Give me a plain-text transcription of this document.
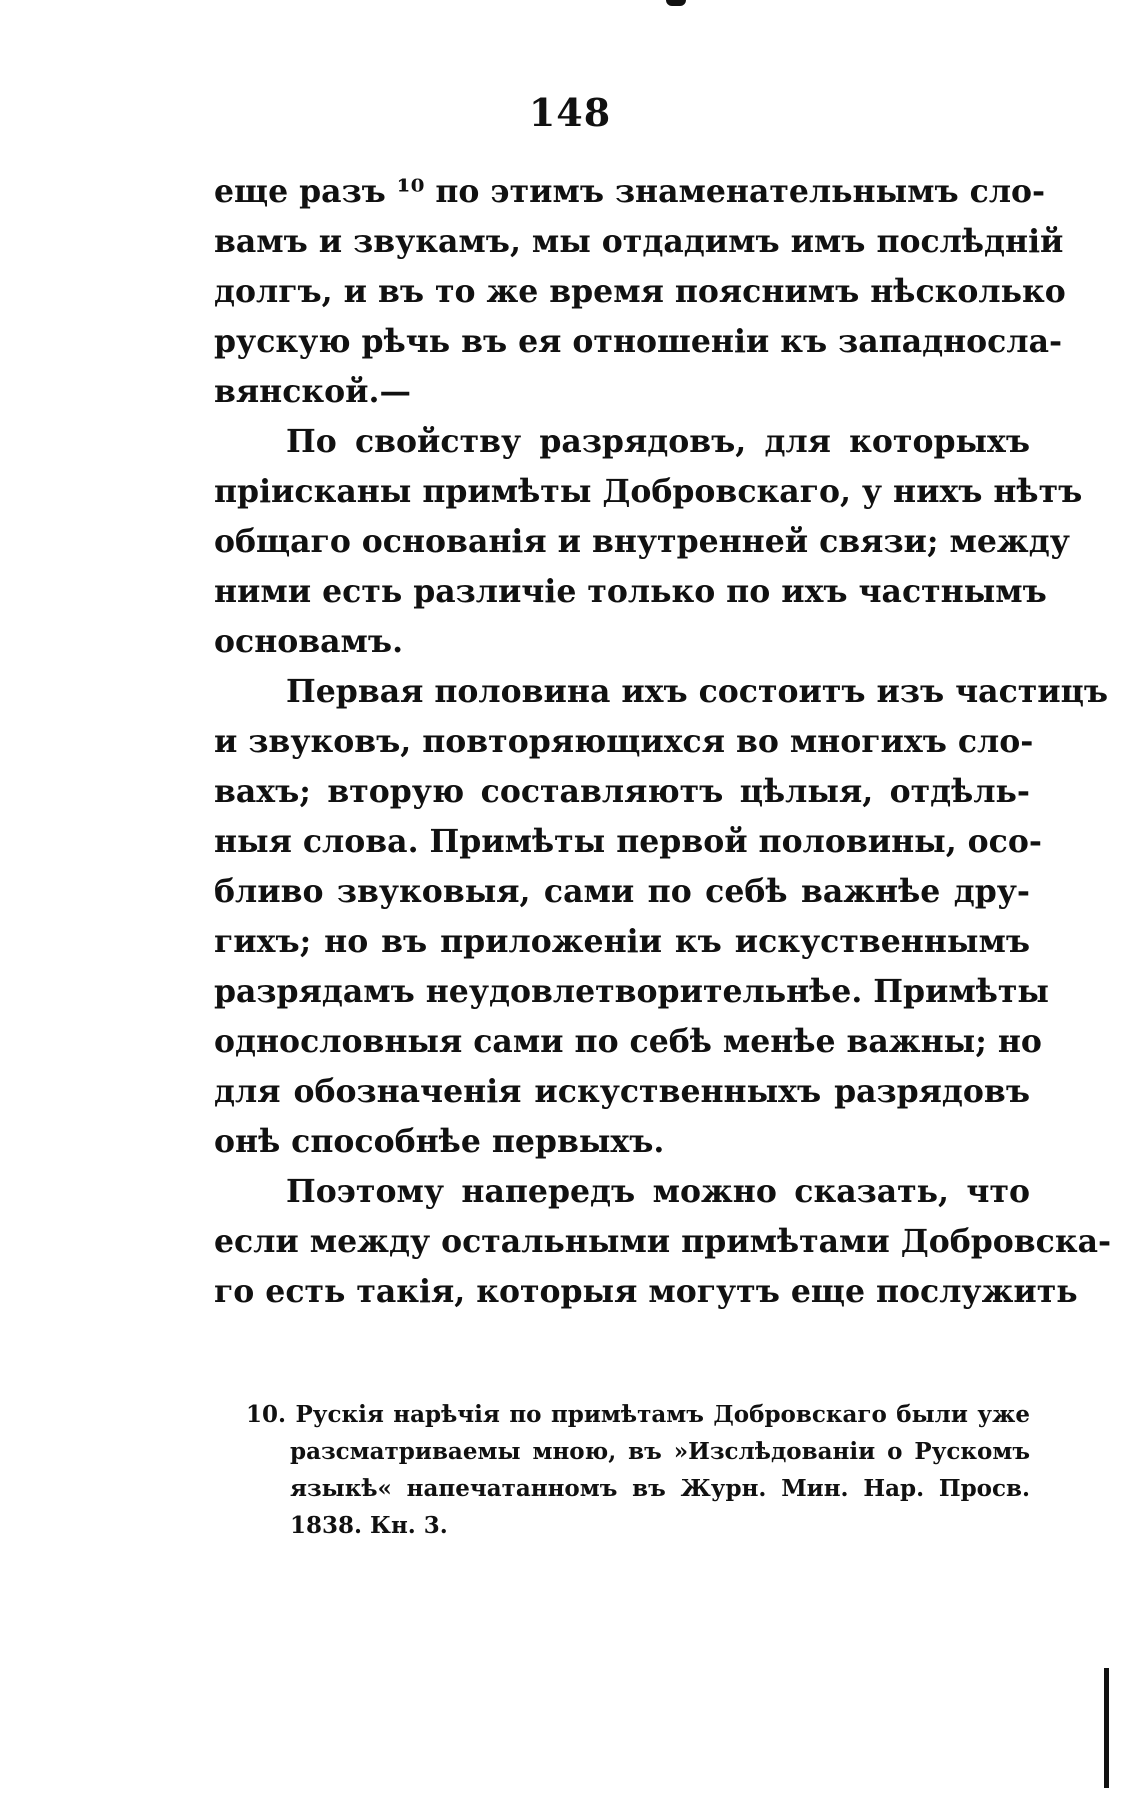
148
еще разъ ¹⁰ по этимъ знаменательнымъ сло-
вамъ и звукамъ, мы отдадимъ имъ послѣднiй
долгъ, и въ то же время пояснимъ нѣсколько
рускую рѣчь въ ея отношенiи къ западносла-
вянской.—
По свойству разрядовъ, для которыхъ
прiисканы примѣты Добровскаго, у нихъ нѣтъ
общаго основанiя и внутренней связи; между
ними есть различiе только по ихъ частнымъ
основамъ.
Первая половина ихъ состоитъ изъ частицъ
и звуковъ, повторяющихся во многихъ сло-
вахъ; вторую составляютъ цѣлыя, отдѣль-
ныя слова. Примѣты первой половины, осо-
бливо звуковыя, сами по себѣ важнѣе дру-
гихъ; но въ приложенiи къ искуственнымъ
разрядамъ неудовлетворительнѣе. Примѣты
однословныя сами по себѣ менѣе важны; но
для обозначенiя искуственныхъ разрядовъ
онѣ способнѣе первыхъ.
Поэтому напередъ можно сказать, что
если между остальными примѣтами Добровска-
го есть такiя, которыя могутъ еще послужить
10. Рускiя нарѣчiя по примѣтамъ Добровскаго были уже
разсматриваемы мною, въ »Изслѣдованiи о Рускомъ
языкѣ« напечатанномъ въ Журн. Мин. Нар. Просв.
1838. Кн. 3.
